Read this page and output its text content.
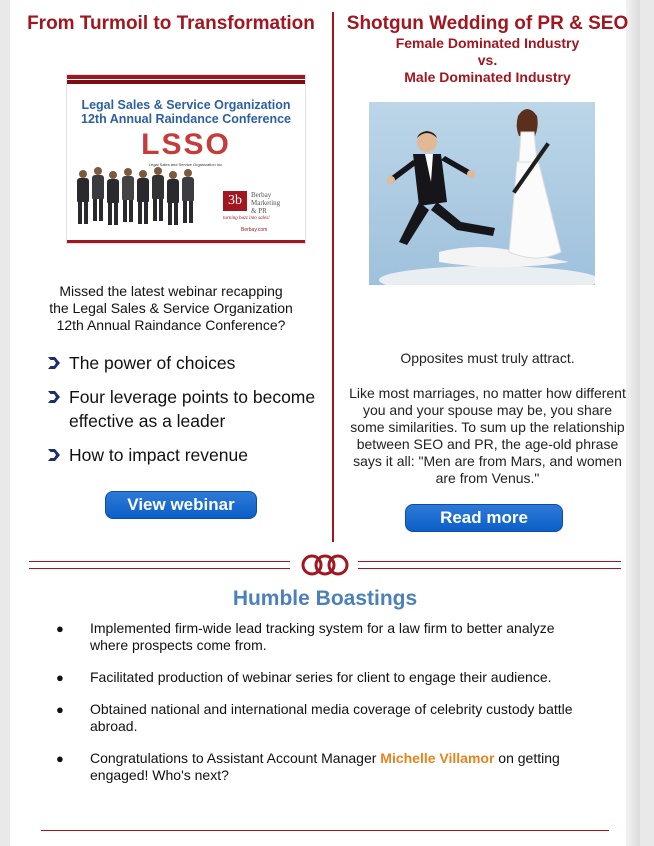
From Turmoil to Transformation

Legal Sales & Service Organization
12th Annual Raindance Conference
LSSO
Legal Sales and Service Organization Inc.
3b	Berbay
Marketing
& PR
turning buzz into sales!
Berbay.com
Missed the latest webinar recapping
the Legal Sales & Service Organization
12th Annual Raindance Conference?
The power of choices
Four leverage points to become effective as a leader
How to impact revenue
View webinar

Shotgun Wedding of PR & SEO

Female Dominated Industry
vs.
Male Dominated Industry
Opposites must truly attract.
Like most marriages, no matter how different
you and your spouse may be, you share
some similarities. To sum up the relationship
between SEO and PR, the age-old phrase
says it all: "Men are from Mars, and women
are from Venus."
Read more
Humble Boastings
●	Implemented firm-wide lead tracking system for a law firm to better analyze where prospects come from.
●	Facilitated production of webinar series for client to engage their audience.
●	Obtained national and international media coverage of celebrity custody battle abroad.
●	Congratulations to Assistant Account Manager Michelle Villamor on getting engaged! Who's next?
